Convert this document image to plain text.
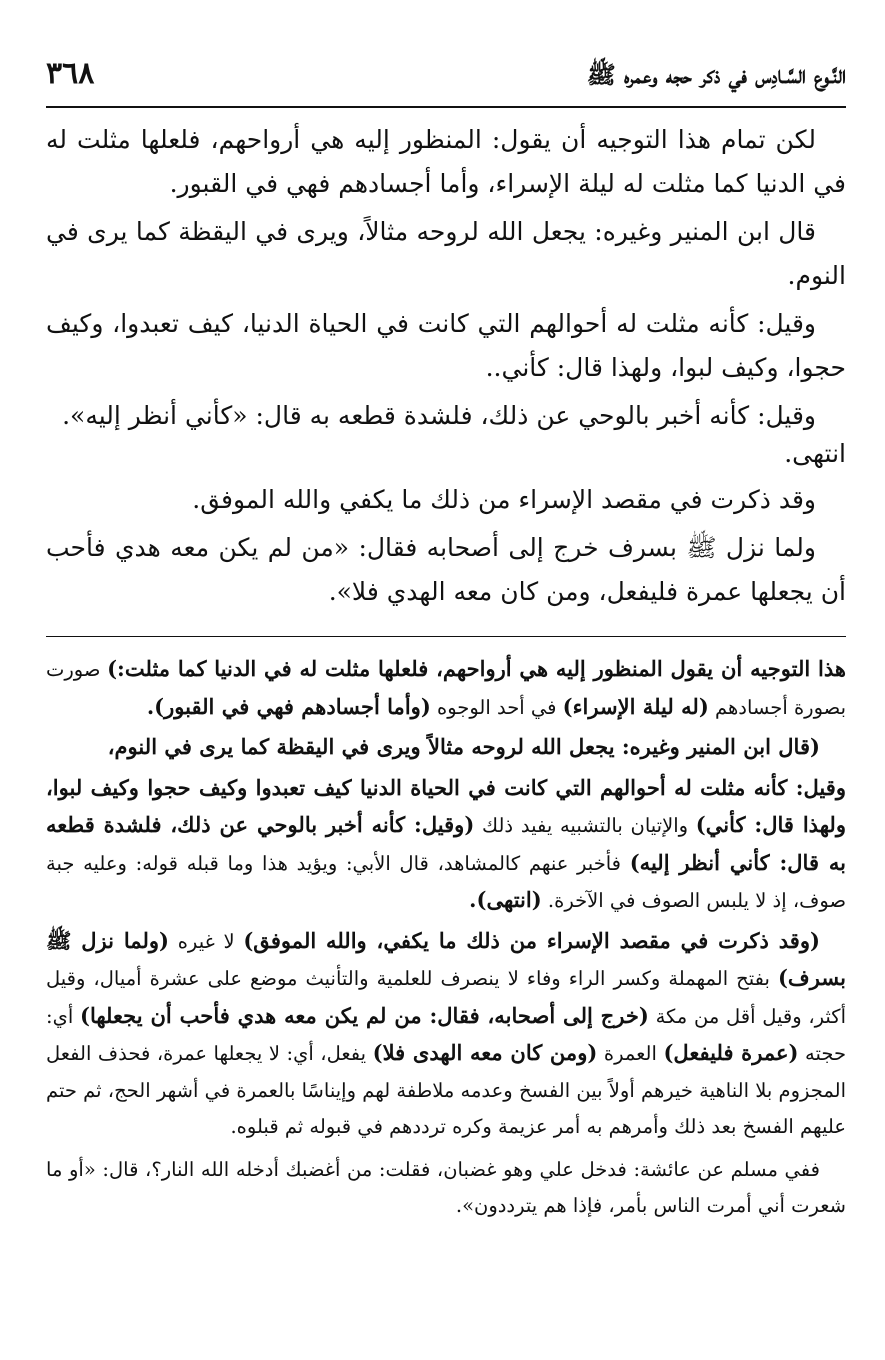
النَّـوع السَّـادِس في ذكر حجه وعمره ﷺ
٣٦٨

لكن تمام هذا التوجيه أن يقول: المنظور إليه هي أرواحهم، فلعلها مثلت له في الدنيا كما مثلت له ليلة الإسراء، وأما أجسادهم فهي في القبور.

قال ابن المنير وغيره: يجعل الله لروحه مثالاً، ويرى في اليقظة كما يرى في النوم.

وقيل: كأنه مثلت له أحوالهم التي كانت في الحياة الدنيا، كيف تعبدوا، وكيف حجوا، وكيف لبوا، ولهذا قال: كأني..

وقيل: كأنه أخبر بالوحي عن ذلك، فلشدة قطعه به قال: «كأني أنظر إليه».

انتهى.

وقد ذكرت في مقصد الإسراء من ذلك ما يكفي والله الموفق.

ولما نزل ﷺ بسرف خرج إلى أصحابه فقال: «من لم يكن معه هدي فأحب أن يجعلها عمرة فليفعل، ومن كان معه الهدي فلا».

هذا التوجيه أن يقول المنظور إليه هي أرواحهم، فلعلها مثلت له في الدنيا كما مثلت:) صورت بصورة أجسادهم (له ليلة الإسراء) في أحد الوجوه (وأما أجسادهم فهي في القبور).

(قال ابن المنير وغيره: يجعل الله لروحه مثالاً ويرى في اليقظة كما يرى في النوم،

وقيل: كأنه مثلت له أحوالهم التي كانت في الحياة الدنيا كيف تعبدوا وكيف حجوا وكيف لبوا، ولهذا قال: كأني) والإتيان بالتشبيه يفيد ذلك (وقيل: كأنه أخبر بالوحي عن ذلك، فلشدة قطعه به قال: كأني أنظر إليه) فأخبر عنهم كالمشاهد، قال الأبي: ويؤيد هذا وما قبله قوله: وعليه جبة صوف، إذ لا يلبس الصوف في الآخرة. (انتهى).

(وقد ذكرت في مقصد الإسراء من ذلك ما يكفي، والله الموفق) لا غيره (ولما نزل ﷺ بسرف) بفتح المهملة وكسر الراء وفاء لا ينصرف للعلمية والتأنيث موضع على عشرة أميال، وقيل أكثر، وقيل أقل من مكة (خرج إلى أصحابه، فقال: من لم يكن معه هدي فأحب أن يجعلها) أي: حجته (عمرة فليفعل) العمرة (ومن كان معه الهدى فلا) يفعل، أي: لا يجعلها عمرة، فحذف الفعل المجزوم بلا الناهية خيرهم أولاً بين الفسخ وعدمه ملاطفة لهم وإيناسًا بالعمرة في أشهر الحج، ثم حتم عليهم الفسخ بعد ذلك وأمرهم به أمر عزيمة وكره ترددهم في قبوله ثم قبلوه.

ففي مسلم عن عائشة: فدخل علي وهو غضبان، فقلت: من أغضبك أدخله الله النار؟، قال: «أو ما شعرت أني أمرت الناس بأمر، فإذا هم يترددون».
